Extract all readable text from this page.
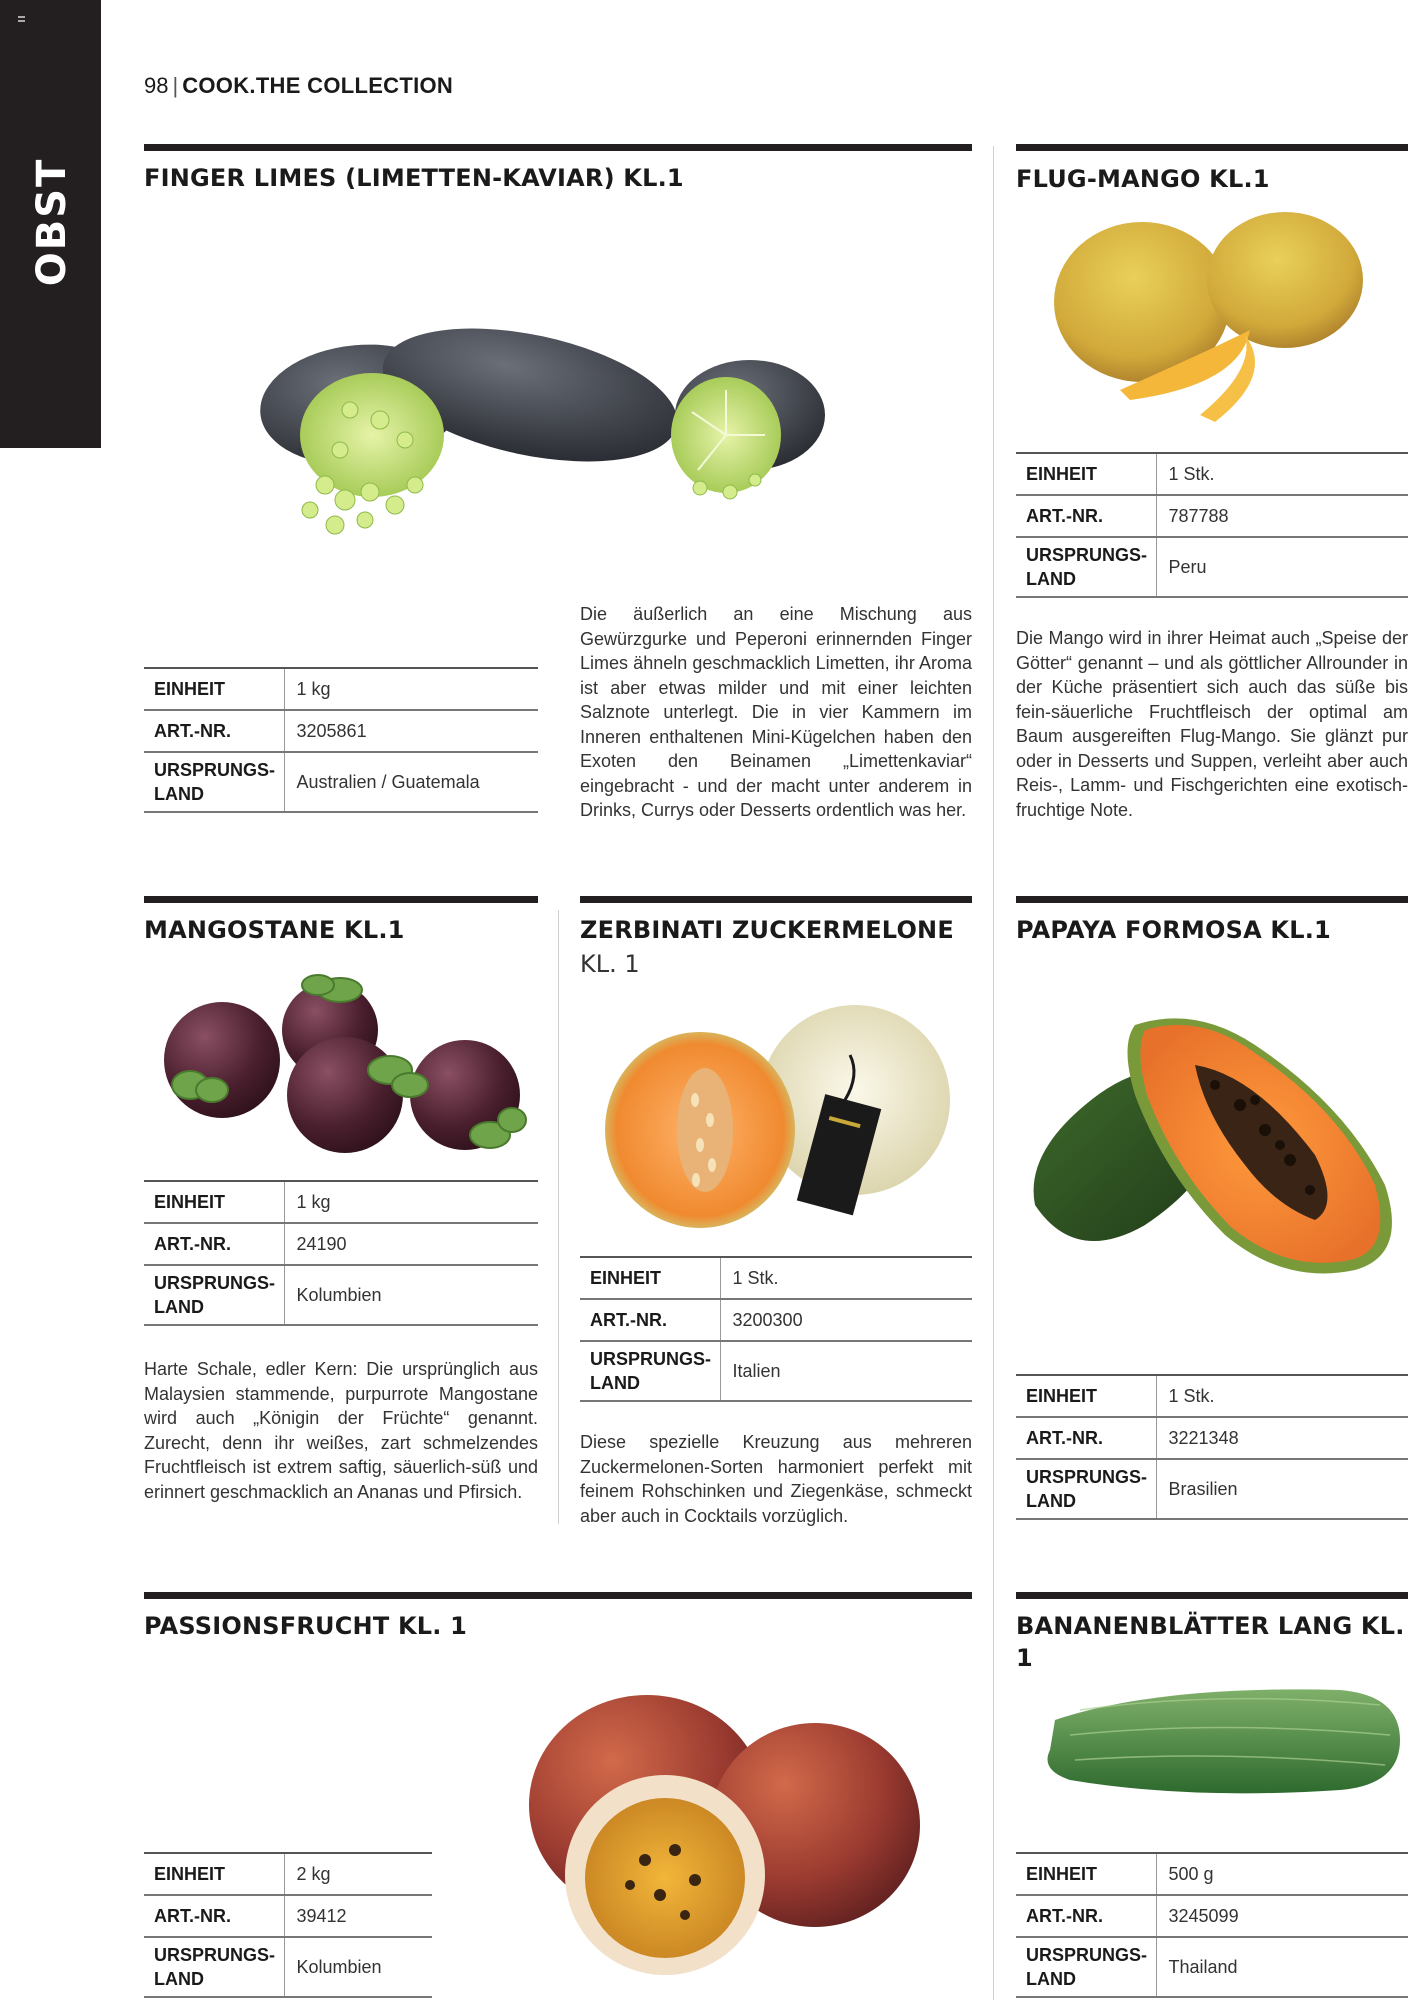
OBST
98 | COOK.THE COLLECTION
FINGER LIMES (LIMETTEN-KAVIAR) KL.1
EINHEIT	1 kg
ART.-NR.	3205861
URSPRUNGS-
LAND	Australien / Guatemala
Die äußerlich an eine Mischung aus Gewürzgurke und Peperoni erinnernden Finger Limes ähneln geschmacklich Limetten, ihr Aroma ist aber etwas milder und mit einer leichten Salznote unterlegt. Die in vier Kammern im Inneren enthaltenen Mini-Kügelchen haben den Exoten den Beinamen „Limettenkaviar“ eingebracht - und der macht unter anderem in Drinks, Currys oder Desserts ordentlich was her.
FLUG-MANGO KL.1
EINHEIT	1 Stk.
ART.-NR.	787788
URSPRUNGS-
LAND	Peru
Die Mango wird in ihrer Heimat auch „Speise der Götter“ genannt – und als göttlicher Allrounder in der Küche präsentiert sich auch das süße bis fein-säuerliche Fruchtfleisch der optimal am Baum ausgereiften Flug-Mango. Sie glänzt pur oder in Desserts und Suppen, verleiht aber auch Reis-, Lamm- und Fischgerichten eine exotisch-fruchtige Note.
MANGOSTANE KL.1
EINHEIT	1 kg
ART.-NR.	24190
URSPRUNGS-
LAND	Kolumbien
Harte Schale, edler Kern: Die ursprünglich aus Malaysien stammende, purpurrote Mangostane wird auch „Königin der Früchte“ genannt. Zurecht, denn ihr weißes, zart schmelzendes Fruchtfleisch ist extrem saftig, säuerlich-süß und erinnert geschmacklich an Ananas und Pfirsich.
ZERBINATI ZUCKERMELONE
KL. 1
EINHEIT	1 Stk.
ART.-NR.	3200300
URSPRUNGS-
LAND	Italien
Diese spezielle Kreuzung aus mehreren Zuckermelonen-Sorten harmoniert perfekt mit feinem Rohschinken und Ziegenkäse, schmeckt aber auch in Cocktails vorzüglich.
PAPAYA FORMOSA KL.1
EINHEIT	1 Stk.
ART.-NR.	3221348
URSPRUNGS-
LAND	Brasilien
PASSIONSFRUCHT KL. 1
EINHEIT	2 kg
ART.-NR.	39412
URSPRUNGS-
LAND	Kolumbien
BANANENBLÄTTER LANG KL. 1
EINHEIT	500 g
ART.-NR.	3245099
URSPRUNGS-
LAND	Thailand
